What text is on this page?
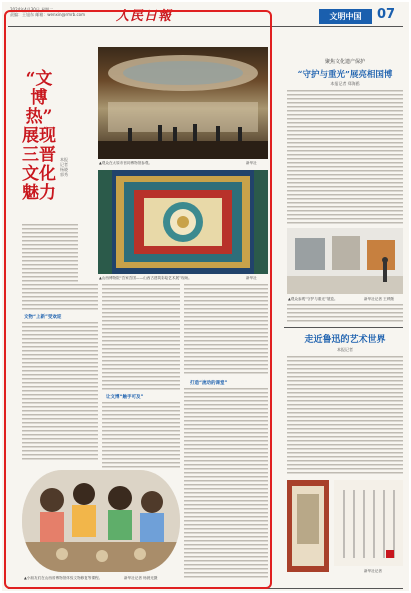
2024年4月30日 星期二
责编：王旭东 邮箱：wenxin@rmrb.com 人民日報	文明中国	07
“文博热”
展现三晋
文化魅力
本报记者 杨晓 郭秀
▲观众在太原市晋祠博物馆参观。	新华社
▲山西博物院“吾家吾国——山西古建筑彩绘艺术展”现场。	新华社
文物“上新”受欢迎
让文博“触手可及”
打造“流动的课堂”
▲小朋友们在山西省博物馆体验文物修复等课程。	新华社记者 杨晨光摄
聚焦文化遗产保护
“守护与重光”展亮相国博
本报记者 郑海鸥
▲观众参观“守护与重光”展览。	新华社记者 王烨摄
走近鲁迅的艺术世界
本报记者
新华社记者
